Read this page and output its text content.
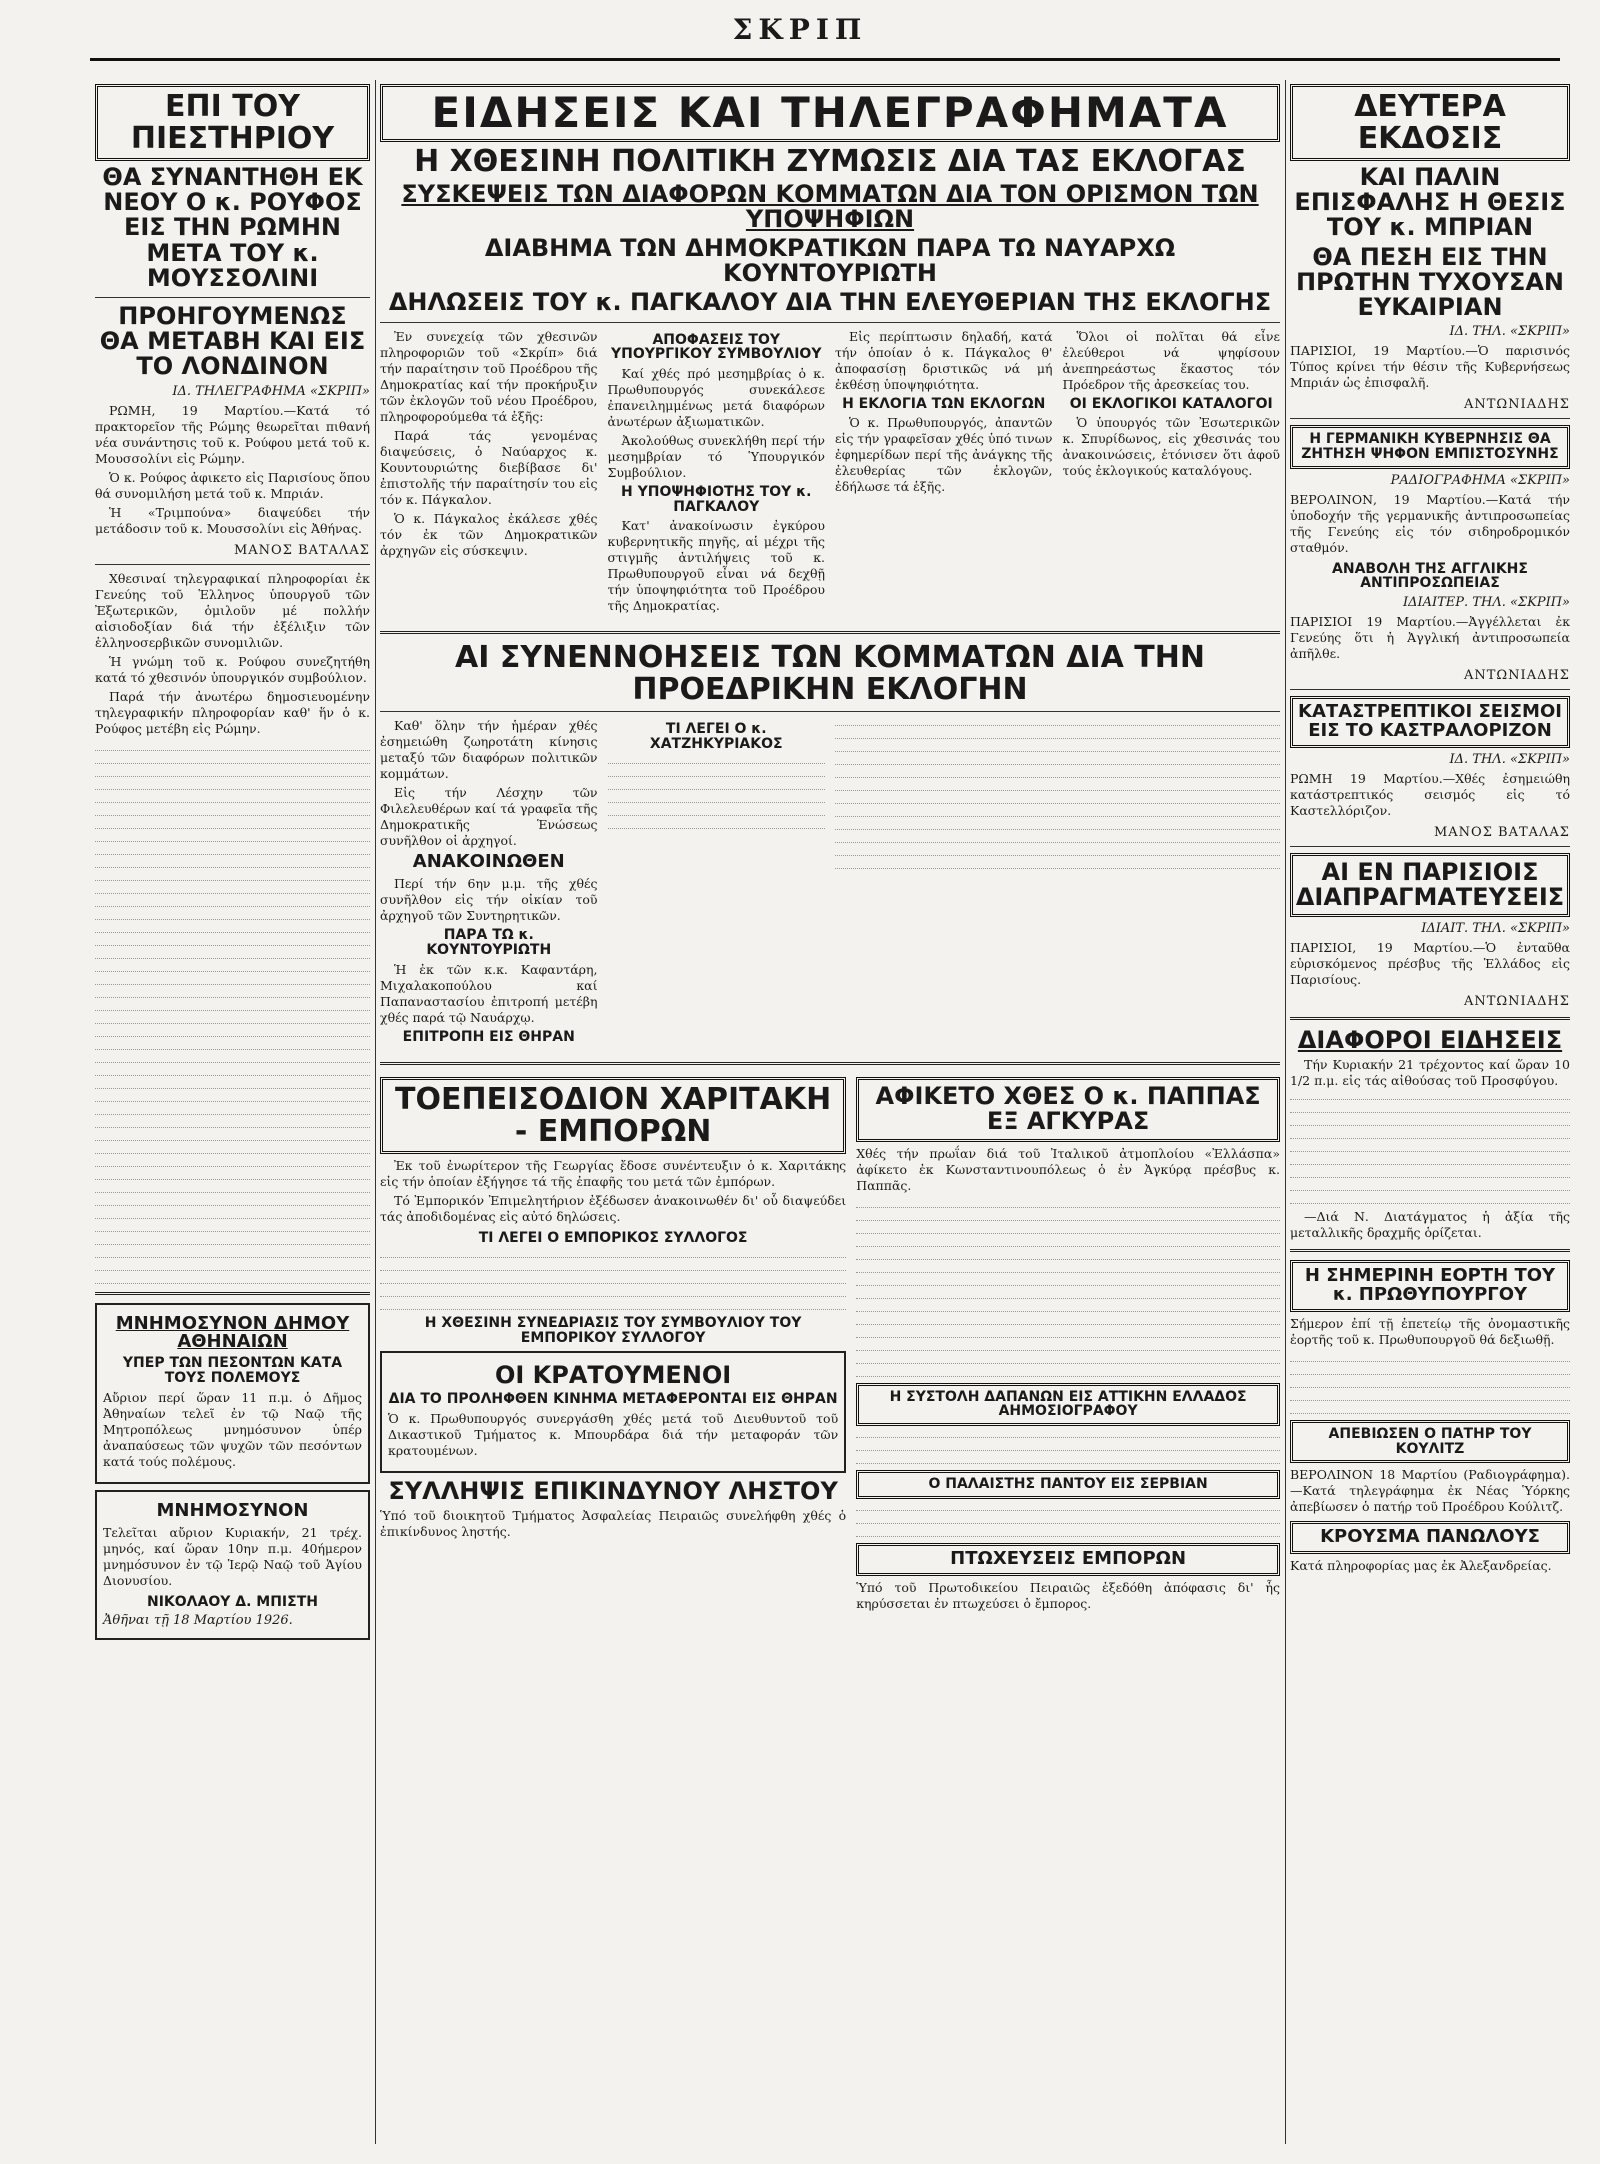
ΣΚΡΙΠ
ΕΠΙ ΤΟΥ ΠΙΕΣΤΗΡΙΟΥ
ΘΑ ΣΥΝΑΝΤΗΘΗ ΕΚ ΝΕΟΥ Ο κ. ΡΟΥΦΟΣ ΕΙΣ ΤΗΝ ΡΩΜΗΝ ΜΕΤΑ ΤΟΥ κ. ΜΟΥΣΣΟΛΙΝΙ
ΠΡΟΗΓΟΥΜΕΝΩΣ ΘΑ ΜΕΤΑΒΗ ΚΑΙ ΕΙΣ ΤΟ ΛΟΝΔΙΝΟΝ
ΙΔ. ΤΗΛΕΓΡΑΦΗΜΑ «ΣΚΡΙΠ»

ΡΩΜΗ, 19 Μαρτίου.—Κατά τό πρακτορεῖον τῆς Ρώμης θεωρεῖται πιθανή νέα συνάντησις τοῦ κ. Ρούφου μετά τοῦ κ. Μουσσολίνι εἰς Ρώμην.

Ὁ κ. Ρούφος ἀφικετο εἰς Παρισίους ὅπου θά συνομιλήση μετά τοῦ κ. Μπριάν.

Ἡ «Τριμπούνα» διαψεύδει τήν μετάδοσιν τοῦ κ. Μουσσολίνι εἰς Ἀθήνας.

ΜΑΝΟΣ ΒΑΤΑΛΑΣ

Χθεσιναί τηλεγραφικαί πληροφορίαι ἐκ Γενεύης τοῦ Ἑλληνος ὑπουργοῦ τῶν Ἐξωτερικῶν, ὁμιλοῦν μέ πολλήν αἰσιοδοξίαν διά τήν ἐξέλιξιν τῶν ἑλληνοσερβικῶν συνομιλιῶν.

Ἡ γνώμη τοῦ κ. Ρούφου συνεζητήθη κατά τό χθεσινόν ὑπουργικόν συμβούλιον.

Παρά τήν ἀνωτέρω δημοσιευομένην τηλεγραφικήν πληροφορίαν καθ' ἥν ὁ κ. Ρούφος μετέβη εἰς Ρώμην.

ΜΝΗΜΟΣΥΝΟΝ ΔΗΜΟΥ ΑΘΗΝΑΙΩΝ
ΥΠΕΡ ΤΩΝ ΠΕΣΟΝΤΩΝ ΚΑΤΑ ΤΟΥΣ ΠΟΛΕΜΟΥΣ
Αὔριον περί ὥραν 11 π.μ. ὁ Δῆμος Ἀθηναίων τελεῖ ἐν τῷ Ναῷ τῆς Μητροπόλεως μνημόσυνον ὑπέρ ἀναπαύσεως τῶν ψυχῶν τῶν πεσόντων κατά τούς πολέμους.
ΜΝΗΜΟΣΥΝΟΝ
Τελεῖται αὔριον Κυριακήν, 21 τρέχ. μηνός, καί ὥραν 10ην π.μ. 40ήμερον μνημόσυνον ἐν τῷ Ἱερῷ Ναῷ τοῦ Ἁγίου Διονυσίου.
ΝΙΚΟΛΑΟΥ Δ. ΜΠΙΣΤΗ
Ἀθῆναι τῇ 18 Μαρτίου 1926.
ΕΙΔΗΣΕΙΣ ΚΑΙ ΤΗΛΕΓΡΑΦΗΜΑΤΑ
Η ΧΘΕΣΙΝΗ ΠΟΛΙΤΙΚΗ ΖΥΜΩΣΙΣ ΔΙΑ ΤΑΣ ΕΚΛΟΓΑΣ
ΣΥΣΚΕΨΕΙΣ ΤΩΝ ΔΙΑΦΟΡΩΝ ΚΟΜΜΑΤΩΝ ΔΙΑ ΤΟΝ ΟΡΙΣΜΟΝ ΤΩΝ ΥΠΟΨΗΦΙΩΝ
ΔΙΑΒΗΜΑ ΤΩΝ ΔΗΜΟΚΡΑΤΙΚΩΝ ΠΑΡΑ ΤΩ ΝΑΥΑΡΧΩ ΚΟΥΝΤΟΥΡΙΩΤΗ
ΔΗΛΩΣΕΙΣ ΤΟΥ κ. ΠΑΓΚΑΛΟΥ ΔΙΑ ΤΗΝ ΕΛΕΥΘΕΡΙΑΝ ΤΗΣ ΕΚΛΟΓΗΣ

Ἐν συνεχείᾳ τῶν χθεσινῶν πληροφοριῶν τοῦ «Σκρίπ» διά τήν παραίτησιν τοῦ Προέδρου τῆς Δημοκρατίας καί τήν προκήρυξιν τῶν ἐκλογῶν τοῦ νέου Προέδρου, πληροφορούμεθα τά ἑξῆς:

Παρά τάς γενομένας διαψεύσεις, ὁ Ναύαρχος κ. Κουντουριώτης διεβίβασε δι' ἐπιστολῆς τήν παραίτησίν του εἰς τόν κ. Πάγκαλον.

Ὁ κ. Πάγκαλος ἐκάλεσε χθές τόν ἐκ τῶν Δημοκρατικῶν ἀρχηγῶν εἰς σύσκεψιν.

ΑΠΟΦΑΣΕΙΣ ΤΟΥ ΥΠΟΥΡΓΙΚΟΥ ΣΥΜΒΟΥΛΙΟΥ

Καί χθές πρό μεσημβρίας ὁ κ. Πρωθυπουργός συνεκάλεσε ἐπανειλημμένως μετά διαφόρων ἀνωτέρων ἀξιωματικῶν.

Ἀκολούθως συνεκλήθη περί τήν μεσημβρίαν τό Ὑπουργικόν Συμβούλιον.

Η ΥΠΟΨΗΦΙΟΤΗΣ ΤΟΥ κ. ΠΑΓΚΑΛΟΥ

Κατ' ἀνακοίνωσιν ἐγκύρου κυβερνητικῆς πηγῆς, αἱ μέχρι τῆς στιγμῆς ἀντιλήψεις τοῦ κ. Πρωθυπουργοῦ εἶναι νά δεχθῇ τήν ὑποψηφιότητα τοῦ Προέδρου τῆς Δημοκρατίας.

Εἰς περίπτωσιν δηλαδή, κατά τήν ὁποίαν ὁ κ. Πάγκαλος θ' ἀποφασίσῃ δριστικῶς νά μή ἐκθέσῃ ὑποψηφιότητα.

Η ΕΚΛΟΓΙΑ ΤΩΝ ΕΚΛΟΓΩΝ

Ὁ κ. Πρωθυπουργός, ἀπαντῶν εἰς τήν γραφεῖσαν χθές ὑπό τινων ἐφημερίδων περί τῆς ἀνάγκης τῆς ἐλευθερίας τῶν ἐκλογῶν, ἐδήλωσε τά ἑξῆς.

Ὅλοι οἱ πολῖται θά εἶνε ἐλεύθεροι νά ψηφίσουν ἀνεπηρεάστως ἕκαστος τόν Πρόεδρον τῆς ἀρεσκείας του.

ΟΙ ΕΚΛΟΓΙΚΟΙ ΚΑΤΑΛΟΓΟΙ

Ὁ ὑπουργός τῶν Ἐσωτερικῶν κ. Σπυρίδωνος, εἰς χθεσινάς του ἀνακοινώσεις, ἐτόνισεν ὅτι ἀφοῦ τούς ἐκλογικούς καταλόγους.

ΑΙ ΣΥΝΕΝΝΟΗΣΕΙΣ ΤΩΝ ΚΟΜΜΑΤΩΝ ΔΙΑ ΤΗΝ ΠΡΟΕΔΡΙΚΗΝ ΕΚΛΟΓΗΝ

Καθ' ὅλην τήν ἡμέραν χθές ἐσημειώθη ζωηροτάτη κίνησις μεταξύ τῶν διαφόρων πολιτικῶν κομμάτων.

Εἰς τήν Λέσχην τῶν Φιλελευθέρων καί τά γραφεῖα τῆς Δημοκρατικῆς Ἑνώσεως συνῆλθον οἱ ἀρχηγοί.

ΑΝΑΚΟΙΝΩΘΕΝ

Περί τήν 6ην μ.μ. τῆς χθές συνῆλθον εἰς τήν οἰκίαν τοῦ ἀρχηγοῦ τῶν Συντηρητικῶν.

ΠΑΡΑ ΤΩ κ. ΚΟΥΝΤΟΥΡΙΩΤΗ

Ἡ ἐκ τῶν κ.κ. Καφαντάρη, Μιχαλακοπούλου καί Παπαναστασίου ἐπιτροπή μετέβη χθές παρά τῷ Ναυάρχῳ.

ΕΠΙΤΡΟΠΗ ΕΙΣ ΘΗΡΑΝ
ΤΙ ΛΕΓΕΙ Ο κ. ΧΑΤΖΗΚΥΡΙΑΚΟΣ
ΤΟΕΠΕΙΣΟΔΙΟΝ ΧΑΡΙΤΑΚΗ - ΕΜΠΟΡΩΝ

Ἐκ τοῦ ἐνωρίτερον τῆς Γεωργίας ἔδοσε συνέντευξιν ὁ κ. Χαριτάκης εἰς τήν ὁποίαν ἐξήγησε τά τῆς ἐπαφῆς του μετά τῶν ἐμπόρων.

Τό Ἐμπορικόν Ἐπιμελητήριον ἐξέδωσεν ἀνακοινωθέν δι' οὗ διαψεύδει τάς ἀποδιδομένας εἰς αὐτό δηλώσεις.

ΤΙ ΛΕΓΕΙ Ο ΕΜΠΟΡΙΚΟΣ ΣΥΛΛΟΓΟΣ
Η ΧΘΕΣΙΝΗ ΣΥΝΕΔΡΙΑΣΙΣ ΤΟΥ ΣΥΜΒΟΥΛΙΟΥ ΤΟΥ ΕΜΠΟΡΙΚΟΥ ΣΥΛΛΟΓΟΥ
ΟΙ ΚΡΑΤΟΥΜΕΝΟΙ
ΔΙΑ ΤΟ ΠΡΟΛΗΦΘΕΝ ΚΙΝΗΜΑ ΜΕΤΑΦΕΡΟΝΤΑΙ ΕΙΣ ΘΗΡΑΝ
Ὁ κ. Πρωθυπουργός συνεργάσθη χθές μετά τοῦ Διευθυντοῦ τοῦ Δικαστικοῦ Τμήματος κ. Μπουρδάρα διά τήν μεταφοράν τῶν κρατουμένων.
ΣΥΛΛΗΨΙΣ ΕΠΙΚΙΝΔΥΝΟΥ ΛΗΣΤΟΥ
Ὑπό τοῦ διοικητοῦ Τμήματος Ἀσφαλείας Πειραιῶς συνελήφθη χθές ὁ ἐπικίνδυνος ληστής.
ΑΦΙΚΕΤΟ ΧΘΕΣ Ο κ. ΠΑΠΠΑΣ ΕΞ ΑΓΚΥΡΑΣ
Χθές τήν πρωΐαν διά τοῦ Ἰταλικοῦ ἀτμοπλοίου «Ἐλλάσπα» ἀφίκετο ἐκ Κωνσταντινουπόλεως ὁ ἐν Ἀγκύρᾳ πρέσβυς κ. Παππᾶς.
Η ΣΥΣΤΟΛΗ ΔΑΠΑΝΩΝ ΕΙΣ ΑΤΤΙΚΗΝ ΕΛΛΑΔΟΣ ΑΗΜΟΣΙΟΓΡΑΦΟΥ
Ο ΠΑΛΑΙΣΤΗΣ ΠΑΝΤΟΥ ΕΙΣ ΣΕΡΒΙΑΝ
ΠΤΩΧΕΥΣΕΙΣ ΕΜΠΟΡΩΝ
Ὑπό τοῦ Πρωτοδικείου Πειραιῶς ἐξεδόθη ἀπόφασις δι' ἧς κηρύσσεται ἐν πτωχεύσει ὁ ἔμπορος.
ΔΕΥΤΕΡΑ ΕΚΔΟΣΙΣ
ΚΑΙ ΠΑΛΙΝ ΕΠΙΣΦΑΛΗΣ Η ΘΕΣΙΣ ΤΟΥ κ. ΜΠΡΙΑΝ
ΘΑ ΠΕΣΗ ΕΙΣ ΤΗΝ ΠΡΩΤΗΝ ΤΥΧΟΥΣΑΝ ΕΥΚΑΙΡΙΑΝ
ΙΔ. ΤΗΛ. «ΣΚΡΙΠ»
ΠΑΡΙΣΙΟΙ, 19 Μαρτίου.—Ὁ παρισινός Τύπος κρίνει τήν θέσιν τῆς Κυβερνήσεως Μπριάν ὡς ἐπισφαλῆ.
ΑΝΤΩΝΙΑΔΗΣ
Η ΓΕΡΜΑΝΙΚΗ ΚΥΒΕΡΝΗΣΙΣ ΘΑ ΖΗΤΗΣΗ ΨΗΦΟΝ ΕΜΠΙΣΤΟΣΥΝΗΣ
ΡΑΔΙΟΓΡΑΦΗΜΑ «ΣΚΡΙΠ»
ΒΕΡΟΛΙΝΟΝ, 19 Μαρτίου.—Κατά τήν ὑποδοχήν τῆς γερμανικῆς ἀντιπροσωπείας τῆς Γενεύης εἰς τόν σιδηροδρομικόν σταθμόν.
ΑΝΑΒΟΛΗ ΤΗΣ ΑΓΓΛΙΚΗΣ ΑΝΤΙΠΡΟΣΩΠΕΙΑΣ
ΙΔΙΑΙΤΕΡ. ΤΗΛ. «ΣΚΡΙΠ»
ΠΑΡΙΣΙΟΙ 19 Μαρτίου.—Ἀγγέλλεται ἐκ Γενεύης ὅτι ἡ Ἀγγλική ἀντιπροσωπεία ἀπῆλθε.
ΑΝΤΩΝΙΑΔΗΣ
ΚΑΤΑΣΤΡΕΠΤΙΚΟΙ ΣΕΙΣΜΟΙ ΕΙΣ ΤΟ ΚΑΣΤΡΑΛΟΡΙΖΟΝ
ΙΔ. ΤΗΛ. «ΣΚΡΙΠ»
ΡΩΜΗ 19 Μαρτίου.—Χθές ἐσημειώθη κατάστρεπτικός σεισμός εἰς τό Καστελλόριζον.
ΜΑΝΟΣ ΒΑΤΑΛΑΣ
ΑΙ ΕΝ ΠΑΡΙΣΙΟΙΣ ΔΙΑΠΡΑΓΜΑΤΕΥΣΕΙΣ
ΙΔΙΑΙΤ. ΤΗΛ. «ΣΚΡΙΠ»
ΠΑΡΙΣΙΟΙ, 19 Μαρτίου.—Ὁ ἐνταῦθα εὑρισκόμενος πρέσβυς τῆς Ἑλλάδος εἰς Παρισίους.
ΑΝΤΩΝΙΑΔΗΣ
ΔΙΑΦΟΡΟΙ ΕΙΔΗΣΕΙΣ

Τήν Κυριακήν 21 τρέχοντος καί ὥραν 10 1/2 π.μ. εἰς τάς αἰθούσας τοῦ Προσφύγου.

—Διά Ν. Διατάγματος ἡ ἀξία τῆς μεταλλικῆς δραχμῆς ὁρίζεται.

Η ΣΗΜΕΡΙΝΗ ΕΟΡΤΗ ΤΟΥ κ. ΠΡΩΘΥΠΟΥΡΓΟΥ
Σήμερον ἐπί τῇ ἐπετείῳ τῆς ὀνομαστικῆς ἑορτῆς τοῦ κ. Πρωθυπουργοῦ θά δεξιωθῇ.
ΑΠΕΒΙΩΣΕΝ Ο ΠΑΤΗΡ ΤΟΥ ΚΟΥΛΙΤΖ
ΒΕΡΟΛΙΝΟΝ 18 Μαρτίου (Ραδιογράφημα).—Κατά τηλεγράφημα ἐκ Νέας Ὑόρκης ἀπεβίωσεν ὁ πατήρ τοῦ Προέδρου Κούλιτζ.
ΚΡΟΥΣΜΑ ΠΑΝΩΛΟΥΣ
Κατά πληροφορίας μας ἐκ Ἀλεξανδρείας.
